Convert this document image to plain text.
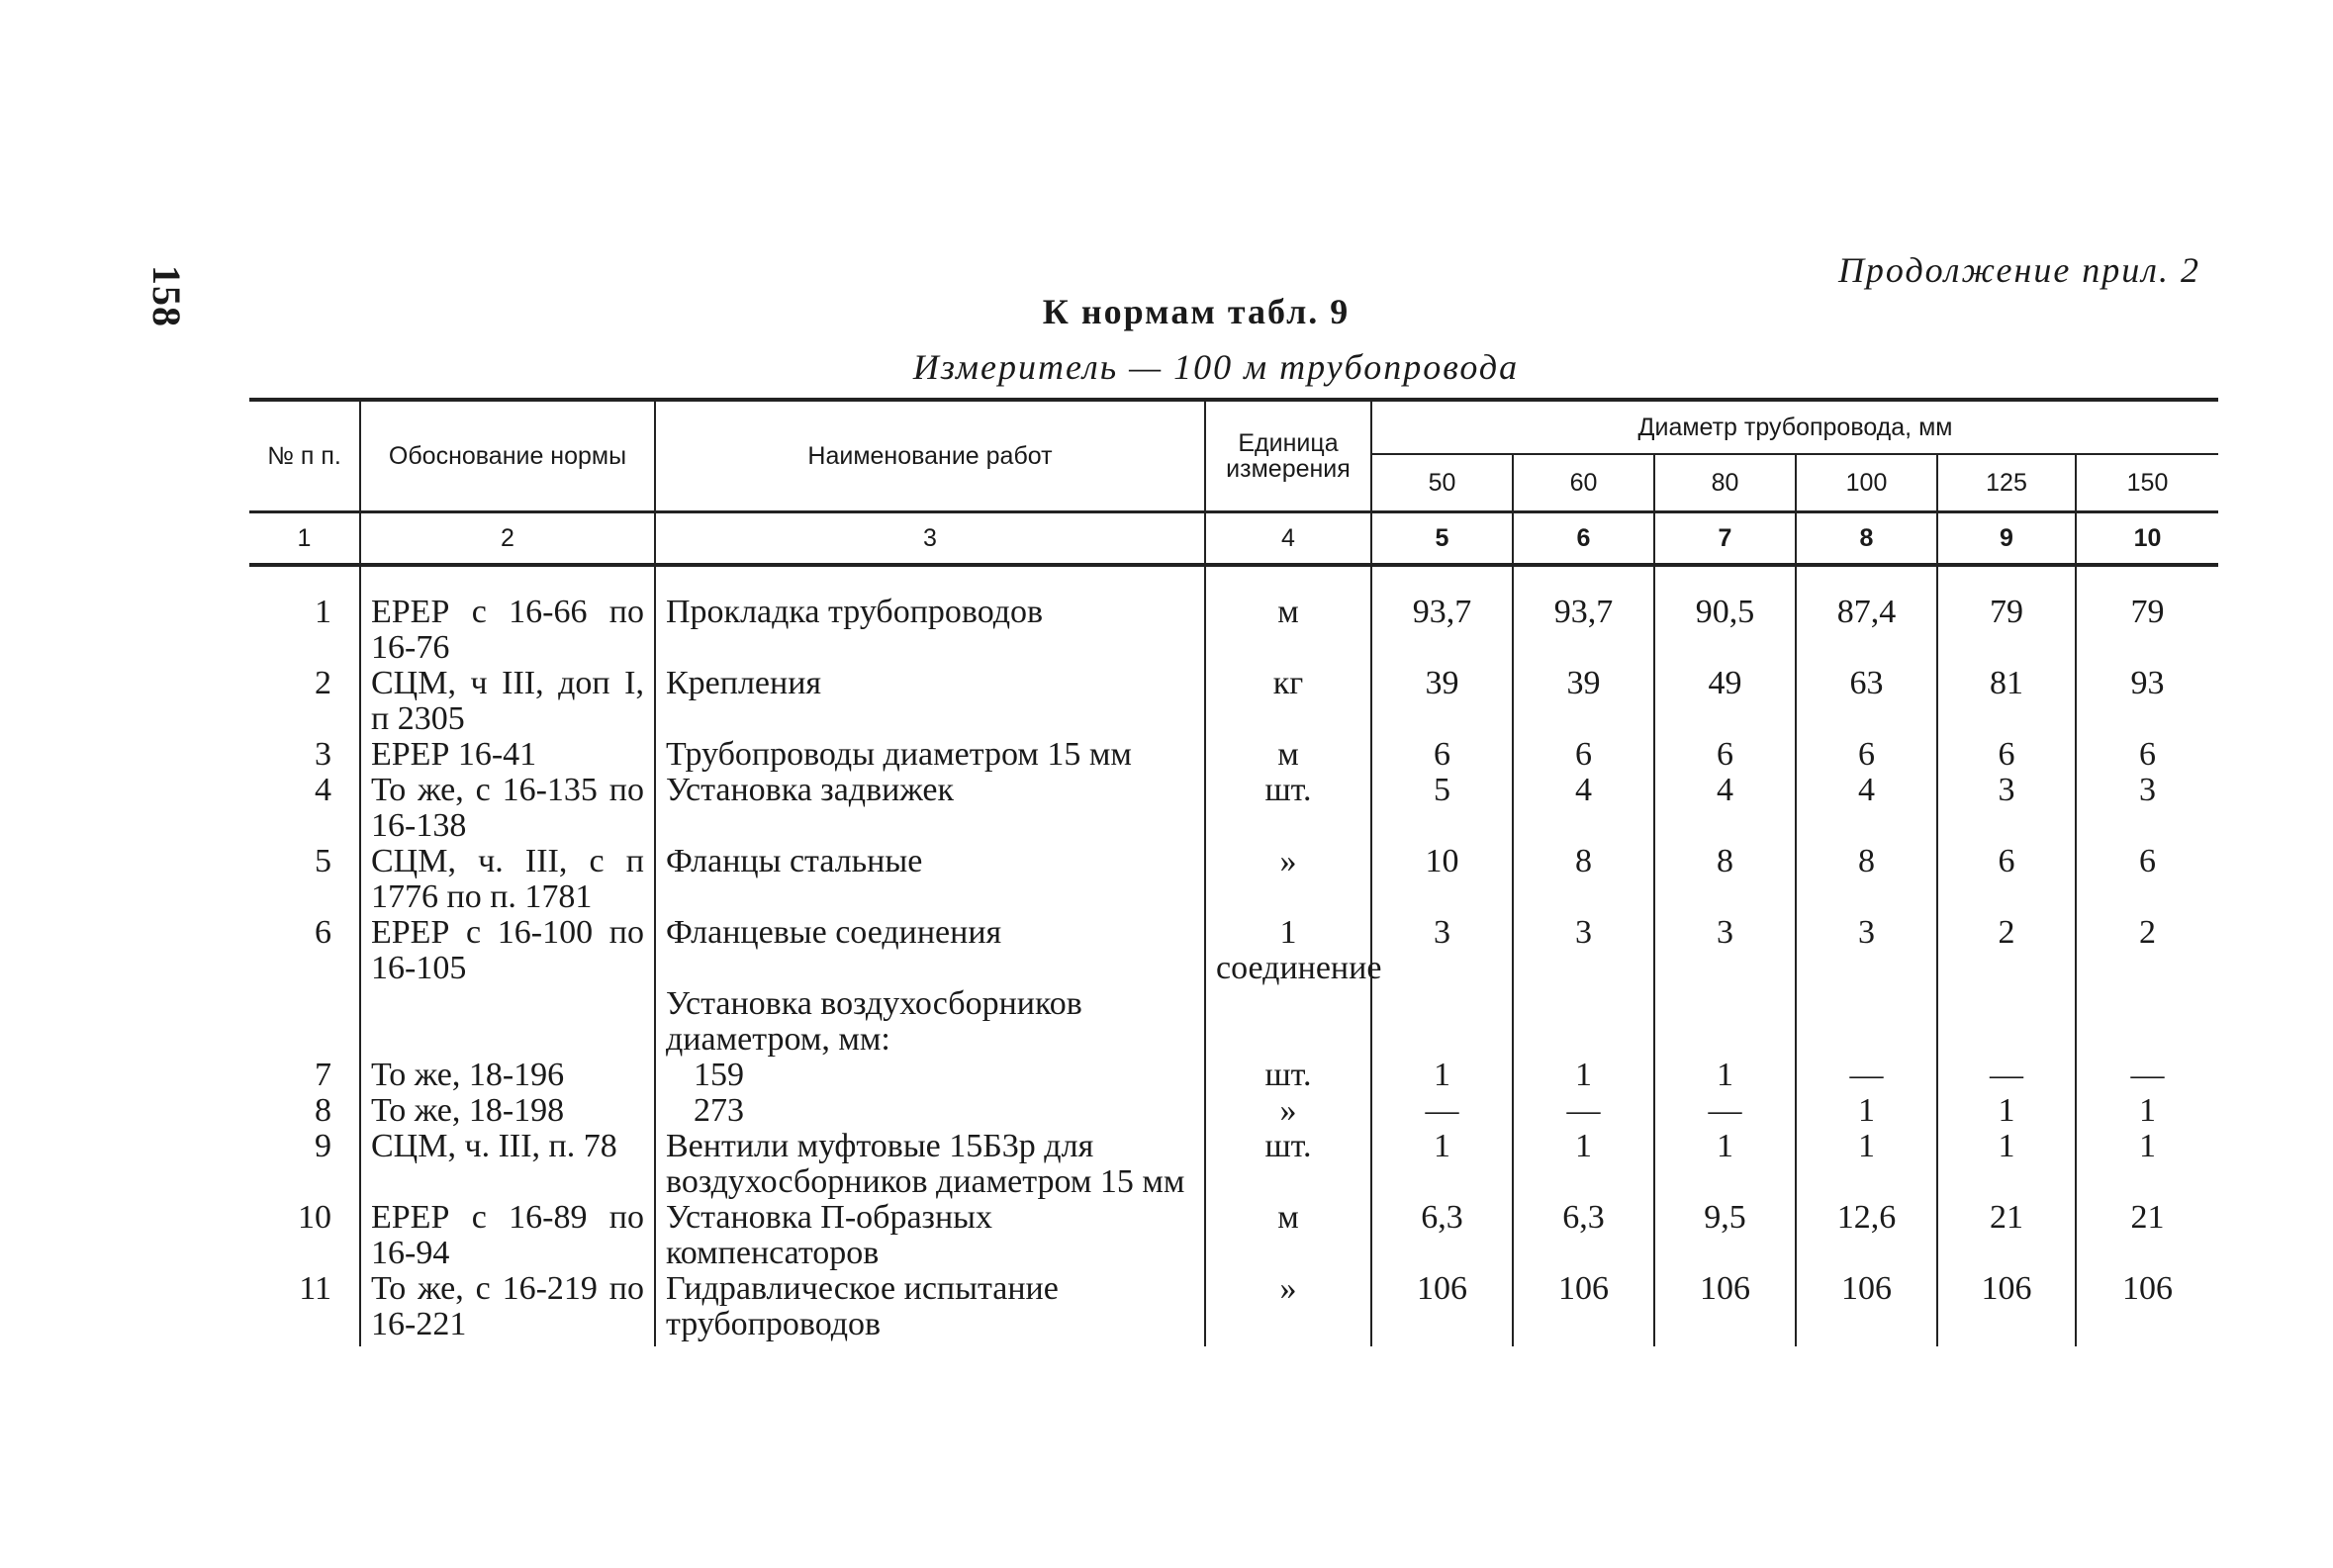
158	Продолжение прил. 2
К нормам табл. 9
Измеритель — 100 м трубопровода
№ п п.	Обоснование нормы	Наименование работ	Единица измерения	Диаметр трубопровода, мм					
				50	60	80	100	125	150
1	2	3	4	5	6	7	8	9	10

1	ЕРЕР с 16-66 по 16-76	Прокладка трубопроводов	м	93,7	93,7	90,5	87,4	79	79
2	СЦМ, ч III, доп I, п 2305	Крепления	кг	39	39	49	63	81	93
3	ЕРЕР 16-41	Трубопроводы диаметром 15 мм	м	6	6	6	6	6	6
4	То же, с 16-135 по 16-138	Установка задвижек	шт.	5	4	4	4	3	3
5	СЦМ, ч. III, с п 1776 по п. 1781	Фланцы стальные	»	10	8	8	8	6	6
6	ЕРЕР с 16-100 по 16-105	Фланцевые соединения	1 соединение	3	3	3	3	2	2
		Установка воздухосборников диаметром, мм:							
7	То же, 18-196	159	шт.	1	1	1	—	—	—
8	То же, 18-198	273	»	—	—	—	1	1	1
9	СЦМ, ч. III, п. 78	Вентили муфтовые 15Б3р для воздухосборников диаметром 15 мм	шт.	1	1	1	1	1	1
10	ЕРЕР с 16-89 по 16-94	Установка П-образных компенсаторов	м	6,3	6,3	9,5	12,6	21	21
11	То же, с 16-219 по 16-221	Гидравлическое испытание трубопроводов	»	106	106	106	106	106	106
